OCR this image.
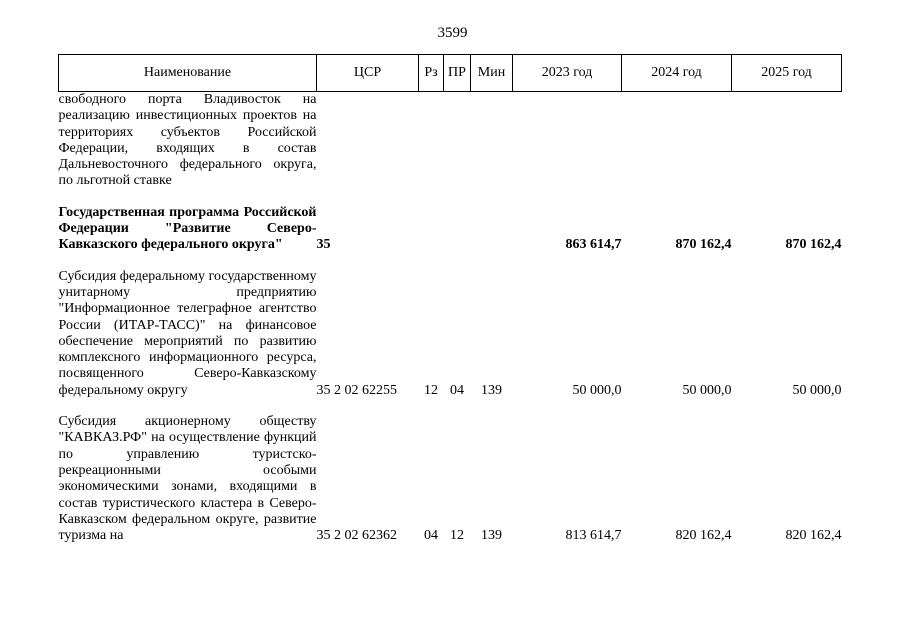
3599
Наименование	ЦСР	Рз	ПР	Мин	2023 год	2024 год	2025 год
свободного порта Владивосток на реализацию инвестиционных проектов на территориях субъектов Российской Федерации, входящих в состав Дальневосточного федерального округа, по льготной ставке							

Государственная программа Российской Федерации "Развитие Северо-Кавказского федерального округа"	35				863 614,7	870 162,4	870 162,4

Субсидия федеральному государственному унитарному предприятию "Информационное телеграфное агентство России (ИТАР-ТАСС)" на финансовое обеспечение мероприятий по развитию комплексного информационного ресурса, посвященного Северо-Кавказскому федеральному округу	35 2 02 62255	12	04	139	50 000,0	50 000,0	50 000,0

Субсидия акционерному обществу "КАВКАЗ.РФ" на осуществление функций по управлению туристско-рекреационными особыми экономическими зонами, входящими в состав туристического кластера в Северо-Кавказском федеральном округе, развитие туризма на	35 2 02 62362	04	12	139	813 614,7	820 162,4	820 162,4
